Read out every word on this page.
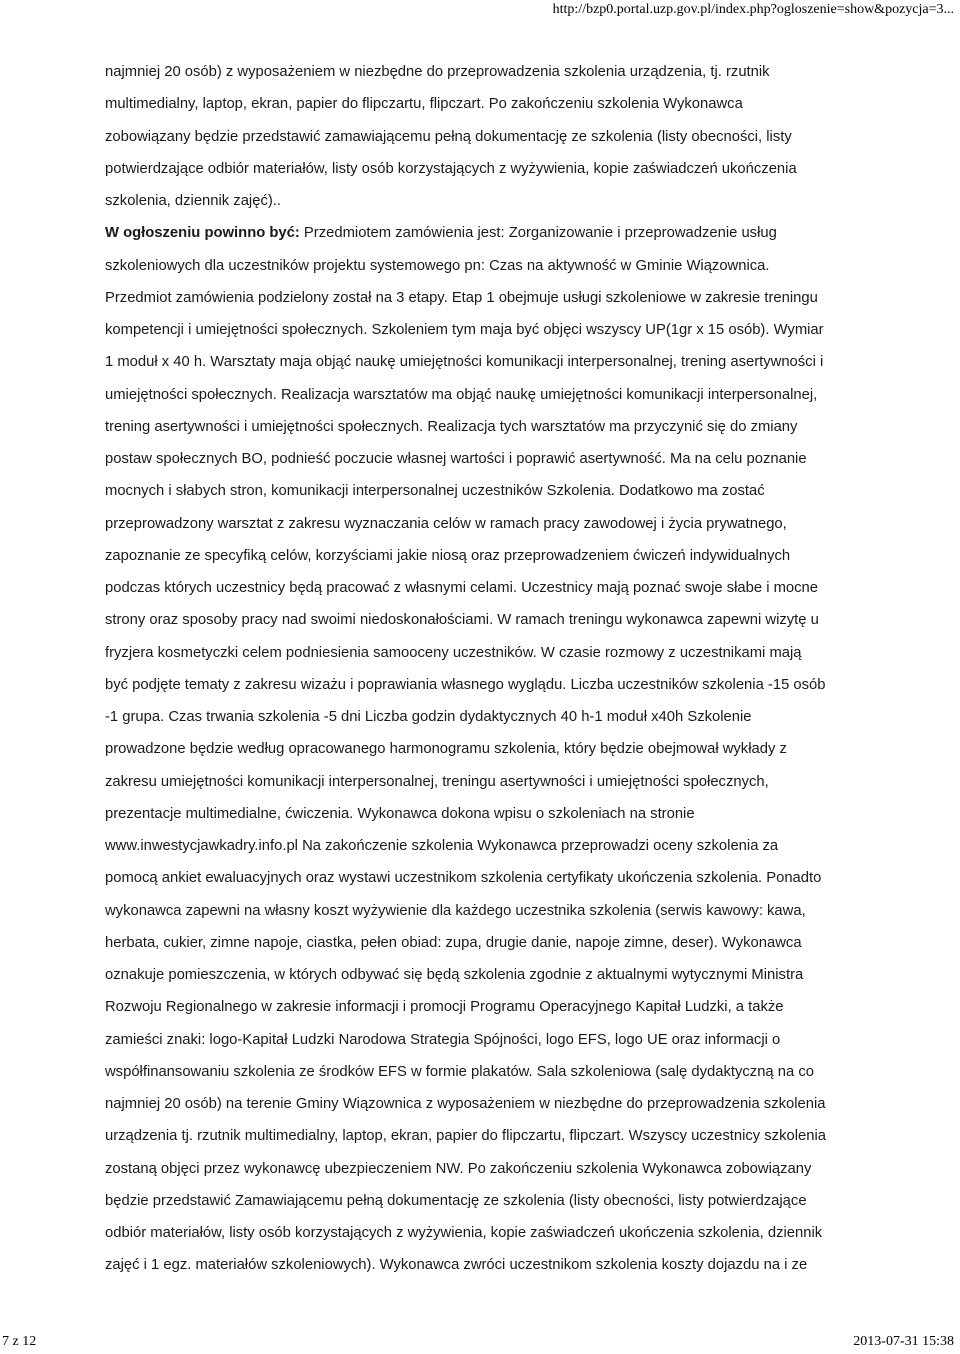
http://bzp0.portal.uzp.gov.pl/index.php?ogloszenie=show&pozycja=3...

najmniej 20 osób) z wyposażeniem w niezbędne do przeprowadzenia szkolenia urządzenia, tj. rzutnik

multimedialny, laptop, ekran, papier do flipczartu, flipczart. Po zakończeniu szkolenia Wykonawca

zobowiązany będzie przedstawić zamawiającemu pełną dokumentację ze szkolenia (listy obecności, listy

potwierdzające odbiór materiałów, listy osób korzystających z wyżywienia, kopie zaświadczeń ukończenia

szkolenia, dziennik zajęć)..

W ogłoszeniu powinno być: Przedmiotem zamówienia jest: Zorganizowanie i przeprowadzenie usług

szkoleniowych dla uczestników projektu systemowego pn: Czas na aktywność w Gminie Wiązownica.

Przedmiot zamówienia podzielony został na 3 etapy. Etap 1 obejmuje usługi szkoleniowe w zakresie treningu

kompetencji i umiejętności społecznych. Szkoleniem tym maja być objęci wszyscy UP(1gr x 15 osób). Wymiar

1 moduł x 40 h. Warsztaty maja objąć naukę umiejętności komunikacji interpersonalnej, trening asertywności i

umiejętności społecznych. Realizacja warsztatów ma objąć naukę umiejętności komunikacji interpersonalnej,

trening asertywności i umiejętności społecznych. Realizacja tych warsztatów ma przyczynić się do zmiany

postaw społecznych BO, podnieść poczucie własnej wartości i poprawić asertywność. Ma na celu poznanie

mocnych i słabych stron, komunikacji interpersonalnej uczestników Szkolenia. Dodatkowo ma zostać

przeprowadzony warsztat z zakresu wyznaczania celów w ramach pracy zawodowej i życia prywatnego,

zapoznanie ze specyfiką celów, korzyściami jakie niosą oraz przeprowadzeniem ćwiczeń indywidualnych

podczas których uczestnicy będą pracować z własnymi celami. Uczestnicy mają poznać swoje słabe i mocne

strony oraz sposoby pracy nad swoimi niedoskonałościami. W ramach treningu wykonawca zapewni wizytę u

fryzjera kosmetyczki celem podniesienia samooceny uczestników. W czasie rozmowy z uczestnikami mają

być podjęte tematy z zakresu wizażu i poprawiania własnego wyglądu. Liczba uczestników szkolenia -15 osób

-1 grupa. Czas trwania szkolenia -5 dni Liczba godzin dydaktycznych 40 h-1 moduł x40h Szkolenie

prowadzone będzie według opracowanego harmonogramu szkolenia, który będzie obejmował wykłady z

zakresu umiejętności komunikacji interpersonalnej, treningu asertywności i umiejętności społecznych,

prezentacje multimedialne, ćwiczenia. Wykonawca dokona wpisu o szkoleniach na stronie

www.inwestycjawkadry.info.pl Na zakończenie szkolenia Wykonawca przeprowadzi oceny szkolenia za

pomocą ankiet ewaluacyjnych oraz wystawi uczestnikom szkolenia certyfikaty ukończenia szkolenia. Ponadto

wykonawca zapewni na własny koszt wyżywienie dla każdego uczestnika szkolenia (serwis kawowy: kawa,

herbata, cukier, zimne napoje, ciastka, pełen obiad: zupa, drugie danie, napoje zimne, deser). Wykonawca

oznakuje pomieszczenia, w których odbywać się będą szkolenia zgodnie z aktualnymi wytycznymi Ministra

Rozwoju Regionalnego w zakresie informacji i promocji Programu Operacyjnego Kapitał Ludzki, a także

zamieści znaki: logo-Kapitał Ludzki Narodowa Strategia Spójności, logo EFS, logo UE oraz informacji o

współfinansowaniu szkolenia ze środków EFS w formie plakatów. Sala szkoleniowa (salę dydaktyczną na co

najmniej 20 osób) na terenie Gminy Wiązownica z wyposażeniem w niezbędne do przeprowadzenia szkolenia

urządzenia tj. rzutnik multimedialny, laptop, ekran, papier do flipczartu, flipczart. Wszyscy uczestnicy szkolenia

zostaną objęci przez wykonawcę ubezpieczeniem NW. Po zakończeniu szkolenia Wykonawca zobowiązany

będzie przedstawić Zamawiającemu pełną dokumentację ze szkolenia (listy obecności, listy potwierdzające

odbiór materiałów, listy osób korzystających z wyżywienia, kopie zaświadczeń ukończenia szkolenia, dziennik

zajęć i 1 egz. materiałów szkoleniowych). Wykonawca zwróci uczestnikom szkolenia koszty dojazdu na i ze

7 z 12	2013-07-31 15:38
